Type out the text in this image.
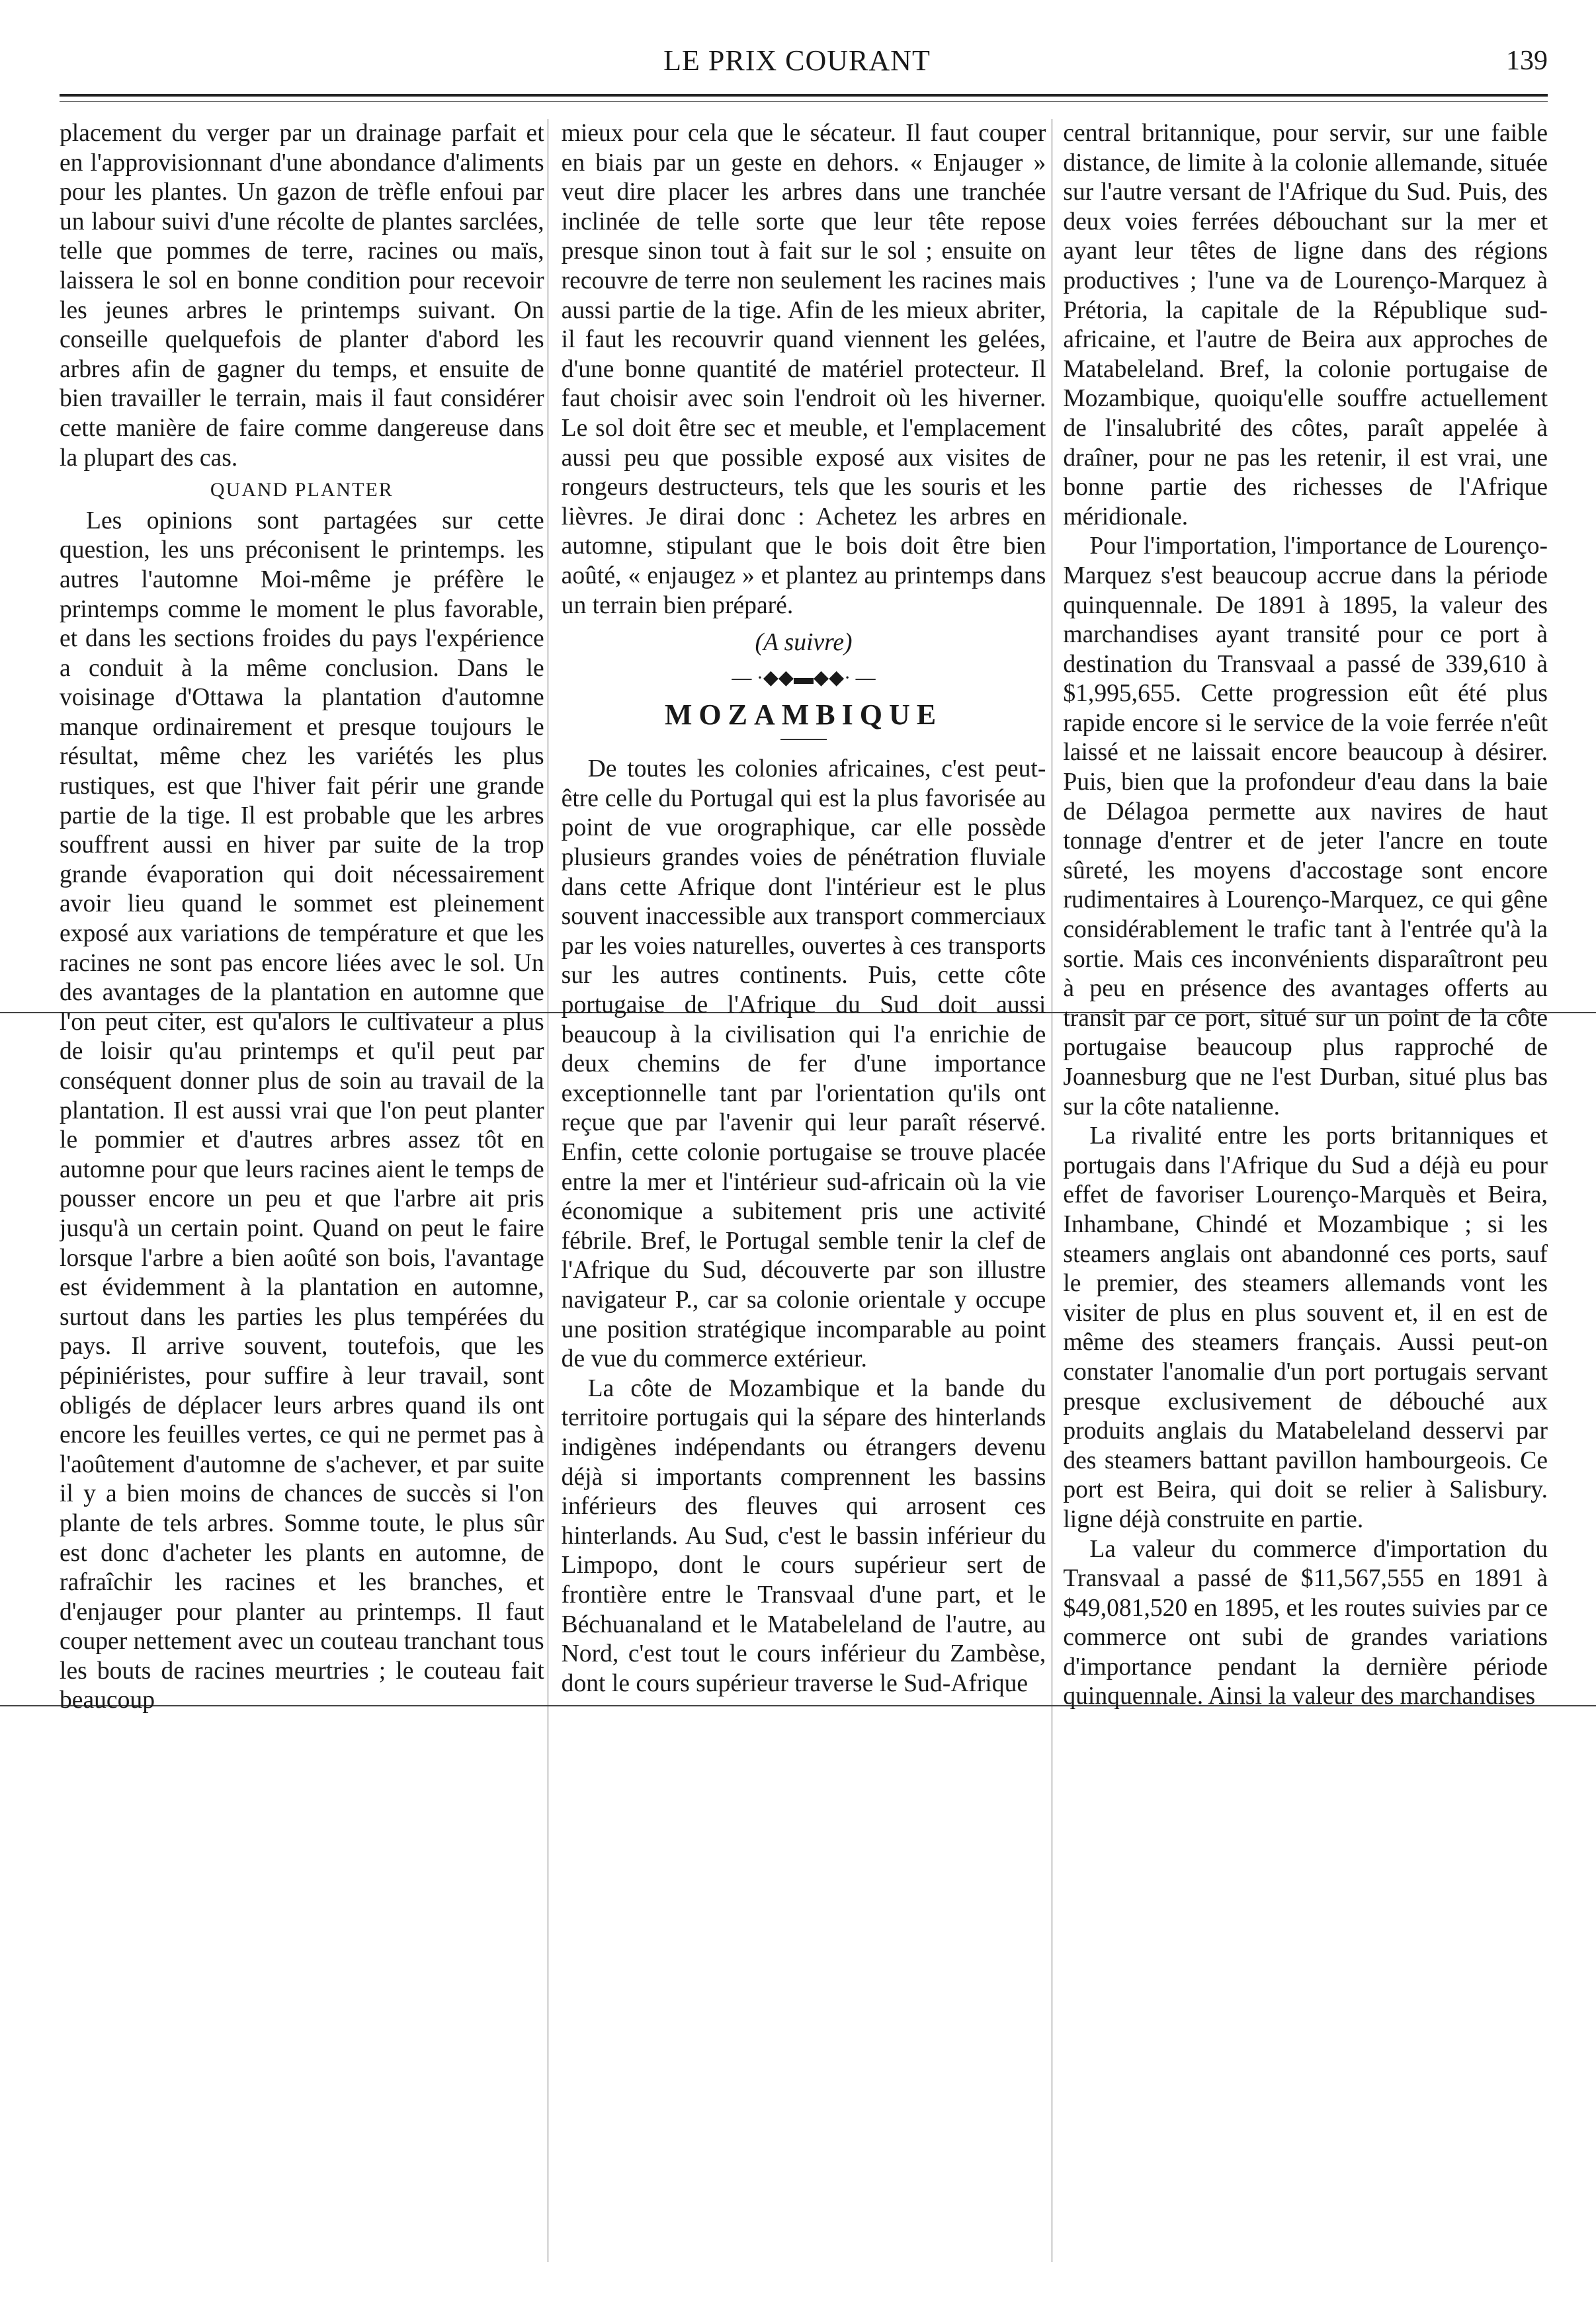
LE PRIX COURANT	139

placement du verger par un drainage parfait et en l'approvisionnant d'une abondance d'aliments pour les plantes. Un gazon de trèfle enfoui par un labour suivi d'une récolte de plantes sarclées, telle que pommes de terre, racines ou maïs, laissera le sol en bonne condition pour recevoir les jeunes arbres le printemps suivant. On conseille quelquefois de planter d'abord les arbres afin de gagner du temps, et ensuite de bien travailler le terrain, mais il faut considérer cette manière de faire comme dangereuse dans la plupart des cas.

QUAND PLANTER

Les opinions sont partagées sur cette question, les uns préconisent le printemps. les autres l'automne Moi-même je préfère le printemps comme le moment le plus favorable, et dans les sections froides du pays l'expérience a conduit à la même conclusion. Dans le voisinage d'Ottawa la plantation d'automne manque ordinairement et presque toujours le résultat, même chez les variétés les plus rustiques, est que l'hiver fait périr une grande partie de la tige. Il est probable que les arbres souffrent aussi en hiver par suite de la trop grande évaporation qui doit nécessairement avoir lieu quand le sommet est pleinement exposé aux variations de température et que les racines ne sont pas encore liées avec le sol. Un des avantages de la plantation en automne que l'on peut citer, est qu'alors le cultivateur a plus de loisir qu'au printemps et qu'il peut par conséquent donner plus de soin au travail de la plantation. Il est aussi vrai que l'on peut planter le pommier et d'autres arbres assez tôt en automne pour que leurs racines aient le temps de pousser encore un peu et que l'arbre ait pris jusqu'à un certain point. Quand on peut le faire lorsque l'arbre a bien aoûté son bois, l'avantage est évidemment à la plantation en automne, surtout dans les parties les plus tempérées du pays. Il arrive souvent, toutefois, que les pépiniéristes, pour suffire à leur travail, sont obligés de déplacer leurs arbres quand ils ont encore les feuilles vertes, ce qui ne permet pas à l'aoûtement d'automne de s'achever, et par suite il y a bien moins de chances de succès si l'on plante de tels arbres. Somme toute, le plus sûr est donc d'acheter les plants en automne, de rafraîchir les racines et les branches, et d'enjauger pour planter au printemps. Il faut couper nettement avec un couteau tranchant tous les bouts de racines meurtries ; le couteau fait beaucoup

mieux pour cela que le sécateur. Il faut couper en biais par un geste en dehors. « Enjauger » veut dire placer les arbres dans une tranchée inclinée de telle sorte que leur tête repose presque sinon tout à fait sur le sol ; ensuite on recouvre de terre non seulement les racines mais aussi partie de la tige. Afin de les mieux abriter, il faut les recouvrir quand viennent les gelées, d'une bonne quantité de matériel protecteur. Il faut choisir avec soin l'endroit où les hiverner. Le sol doit être sec et meuble, et l'emplacement aussi peu que possible exposé aux visites de rongeurs destructeurs, tels que les souris et les lièvres. Je dirai donc : Achetez les arbres en automne, stipulant que le bois doit être bien aoûté, « enjaugez » et plantez au printemps dans un terrain bien préparé.

(A suivre)
— ·◆◆▬◆◆· —
MOZAMBIQUE

De toutes les colonies africaines, c'est peut-être celle du Portugal qui est la plus favorisée au point de vue orographique, car elle possède plusieurs grandes voies de pénétration fluviale dans cette Afrique dont l'intérieur est le plus souvent inaccessible aux transport commerciaux par les voies naturelles, ouvertes à ces transports sur les autres continents. Puis, cette côte portugaise de l'Afrique du Sud doit aussi beaucoup à la civilisation qui l'a enrichie de deux chemins de fer d'une importance exceptionnelle tant par l'orientation qu'ils ont reçue que par l'avenir qui leur paraît réservé. Enfin, cette colonie portugaise se trouve placée entre la mer et l'intérieur sud-africain où la vie économique a subitement pris une activité fébrile. Bref, le Portugal semble tenir la clef de l'Afrique du Sud, découverte par son illustre navigateur P., car sa colonie orientale y occupe une position stratégique incomparable au point de vue du commerce extérieur.

La côte de Mozambique et la bande du territoire portugais qui la sépare des hinterlands indigènes indépendants ou étrangers devenu déjà si importants comprennent les bassins inférieurs des fleuves qui arrosent ces hinterlands. Au Sud, c'est le bassin inférieur du Limpopo, dont le cours supérieur sert de frontière entre le Transvaal d'une part, et le Béchuanaland et le Matabeleland de l'autre, au Nord, c'est tout le cours inférieur du Zambèse, dont le cours supérieur traverse le Sud-Afrique

central britannique, pour servir, sur une faible distance, de limite à la colonie allemande, située sur l'autre versant de l'Afrique du Sud. Puis, des deux voies ferrées débouchant sur la mer et ayant leur têtes de ligne dans des régions productives ; l'une va de Lourenço-Marquez à Prétoria, la capitale de la République sud-africaine, et l'autre de Beira aux approches de Matabeleland. Bref, la colonie portugaise de Mozambique, quoiqu'elle souffre actuellement de l'insalubrité des côtes, paraît appelée à draîner, pour ne pas les retenir, il est vrai, une bonne partie des richesses de l'Afrique méridionale.

Pour l'importation, l'importance de Lourenço-Marquez s'est beaucoup accrue dans la période quinquennale. De 1891 à 1895, la valeur des marchandises ayant transité pour ce port à destination du Transvaal a passé de 339,610 à $1,995,655. Cette progression eût été plus rapide encore si le service de la voie ferrée n'eût laissé et ne laissait encore beaucoup à désirer. Puis, bien que la profondeur d'eau dans la baie de Délagoa permette aux navires de haut tonnage d'entrer et de jeter l'ancre en toute sûreté, les moyens d'accostage sont encore rudimentaires à Lourenço-Marquez, ce qui gêne considérablement le trafic tant à l'entrée qu'à la sortie. Mais ces inconvénients disparaîtront peu à peu en présence des avantages offerts au transit par ce port, situé sur un point de la côte portugaise beaucoup plus rapproché de Joannesburg que ne l'est Durban, situé plus bas sur la côte natalienne.

La rivalité entre les ports britanniques et portugais dans l'Afrique du Sud a déjà eu pour effet de favoriser Lourenço-Marquès et Beira, Inhambane, Chindé et Mozambique ; si les steamers anglais ont abandonné ces ports, sauf le premier, des steamers allemands vont les visiter de plus en plus souvent et, il en est de même des steamers français. Aussi peut-on constater l'anomalie d'un port portugais servant presque exclusivement de débouché aux produits anglais du Matabeleland desservi par des steamers battant pavillon hambourgeois. Ce port est Beira, qui doit se relier à Salisbury. ligne déjà construite en partie.

La valeur du commerce d'importation du Transvaal a passé de $11,567,555 en 1891 à $49,081,520 en 1895, et les routes suivies par ce commerce ont subi de grandes variations d'importance pendant la dernière période quinquennale. Ainsi la valeur des marchandises
